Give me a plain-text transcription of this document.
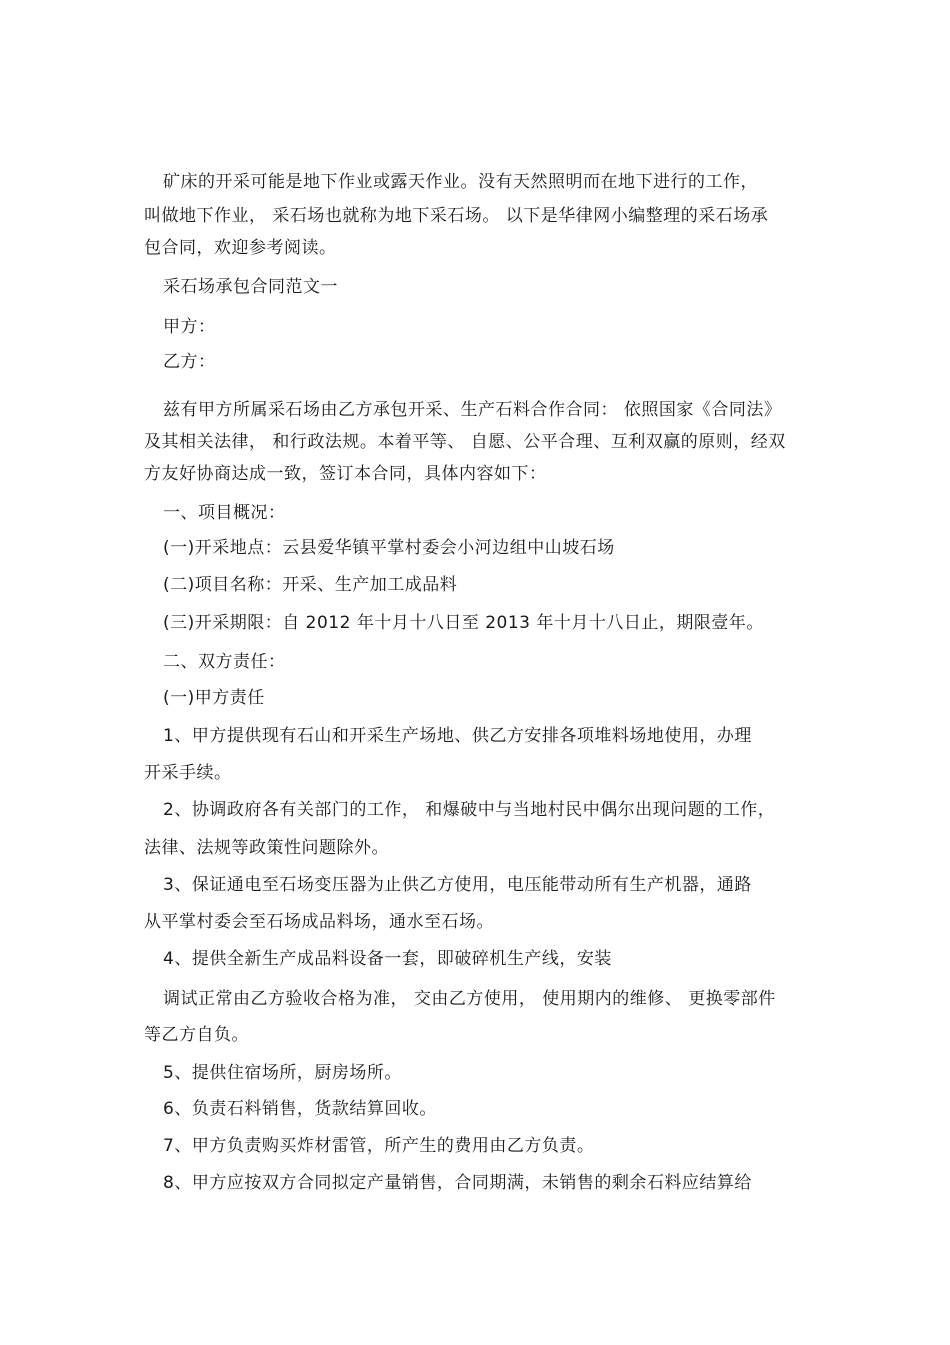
矿床的开采可能是地下作业或露天作业。没有天然照明而在地下进行的工作，
叫做地下作业， 采石场也就称为地下采石场。 以下是华律网小编整理的采石场承
包合同，欢迎参考阅读。
采石场承包合同范文一
甲方：
乙方：
兹有甲方所属采石场由乙方承包开采、生产石料合作合同： 依照国家《合同法》
及其相关法律， 和行政法规。本着平等、 自愿、公平合理、互利双赢的原则，经双
方友好协商达成一致，签订本合同，具体内容如下：
一、项目概况：
(一)开采地点：云县爱华镇平掌村委会小河边组中山坡石场
(二)项目名称：开采、生产加工成品料
(三)开采期限：自 2012 年十月十八日至 2013 年十月十八日止，期限壹年。
二、双方责任：
(一)甲方责任
1、甲方提供现有石山和开采生产场地、供乙方安排各项堆料场地使用，办理
开采手续。
2、协调政府各有关部门的工作， 和爆破中与当地村民中偶尔出现问题的工作，
法律、法规等政策性问题除外。
3、保证通电至石场变压器为止供乙方使用，电压能带动所有生产机器，通路
从平掌村委会至石场成品料场，通水至石场。
4、提供全新生产成品料设备一套，即破碎机生产线，安装
调试正常由乙方验收合格为准， 交由乙方使用， 使用期内的维修、 更换零部件
等乙方自负。
5、提供住宿场所，厨房场所。
6、负责石料销售，货款结算回收。
7、甲方负责购买炸材雷管，所产生的费用由乙方负责。
8、甲方应按双方合同拟定产量销售，合同期满，未销售的剩余石料应结算给
